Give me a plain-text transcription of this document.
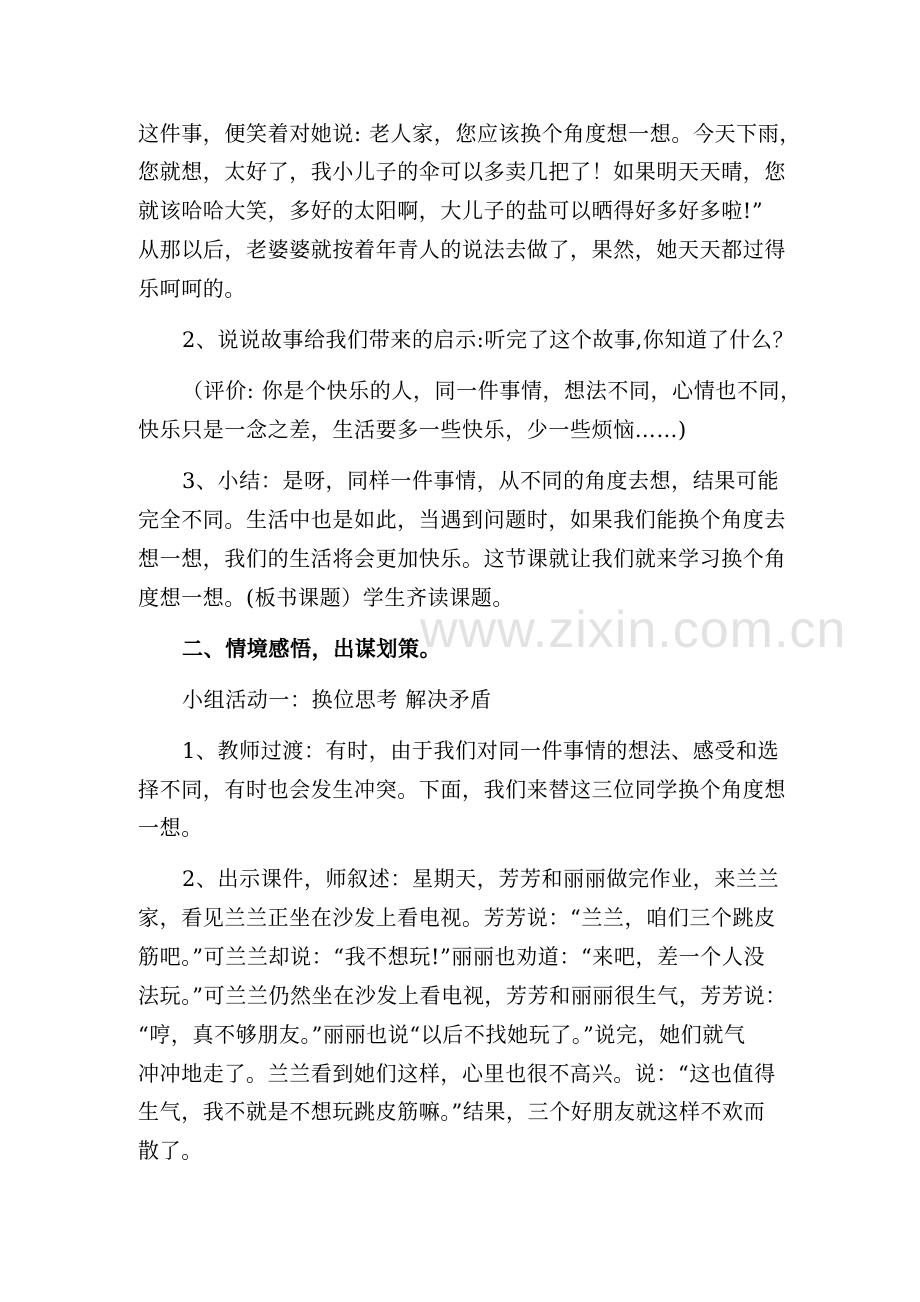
www.zixin.com.cn
这件事，便笑着对她说: 老人家，您应该换个角度想一想。今天下雨，
您就想，太好了，我小儿子的伞可以多卖几把了！如果明天天晴，您
就该哈哈大笑，多好的太阳啊，大儿子的盐可以晒得好多好多啦!”
从那以后，老婆婆就按着年青人的说法去做了，果然，她天天都过得
乐呵呵的。
2、说说故事给我们带来的启示:听完了这个故事,你知道了什么？
（评价: 你是个快乐的人，同一件事情，想法不同，心情也不同，
快乐只是一念之差，生活要多一些快乐，少一些烦恼……)
3、小结：是呀，同样一件事情，从不同的角度去想，结果可能
完全不同。生活中也是如此，当遇到问题时，如果我们能换个角度去
想一想，我们的生活将会更加快乐。这节课就让我们就来学习换个角
度想一想。(板书课题）学生齐读课题。
二、情境感悟，出谋划策。
小组活动一：换位思考 解决矛盾
1、教师过渡：有时，由于我们对同一件事情的想法、感受和选
择不同，有时也会发生冲突。下面，我们来替这三位同学换个角度想
一想。
2、出示课件，师叙述：星期天，芳芳和丽丽做完作业，来兰兰
家，看见兰兰正坐在沙发上看电视。芳芳说：“兰兰，咱们三个跳皮
筋吧。”可兰兰却说：“我不想玩!”丽丽也劝道：“来吧，差一个人没
法玩。”可兰兰仍然坐在沙发上看电视，芳芳和丽丽很生气，芳芳说：
“哼，真不够朋友。”丽丽也说“以后不找她玩了。”说完，她们就气
冲冲地走了。兰兰看到她们这样，心里也很不高兴。说：“这也值得
生气，我不就是不想玩跳皮筋嘛。”结果，三个好朋友就这样不欢而
散了。
